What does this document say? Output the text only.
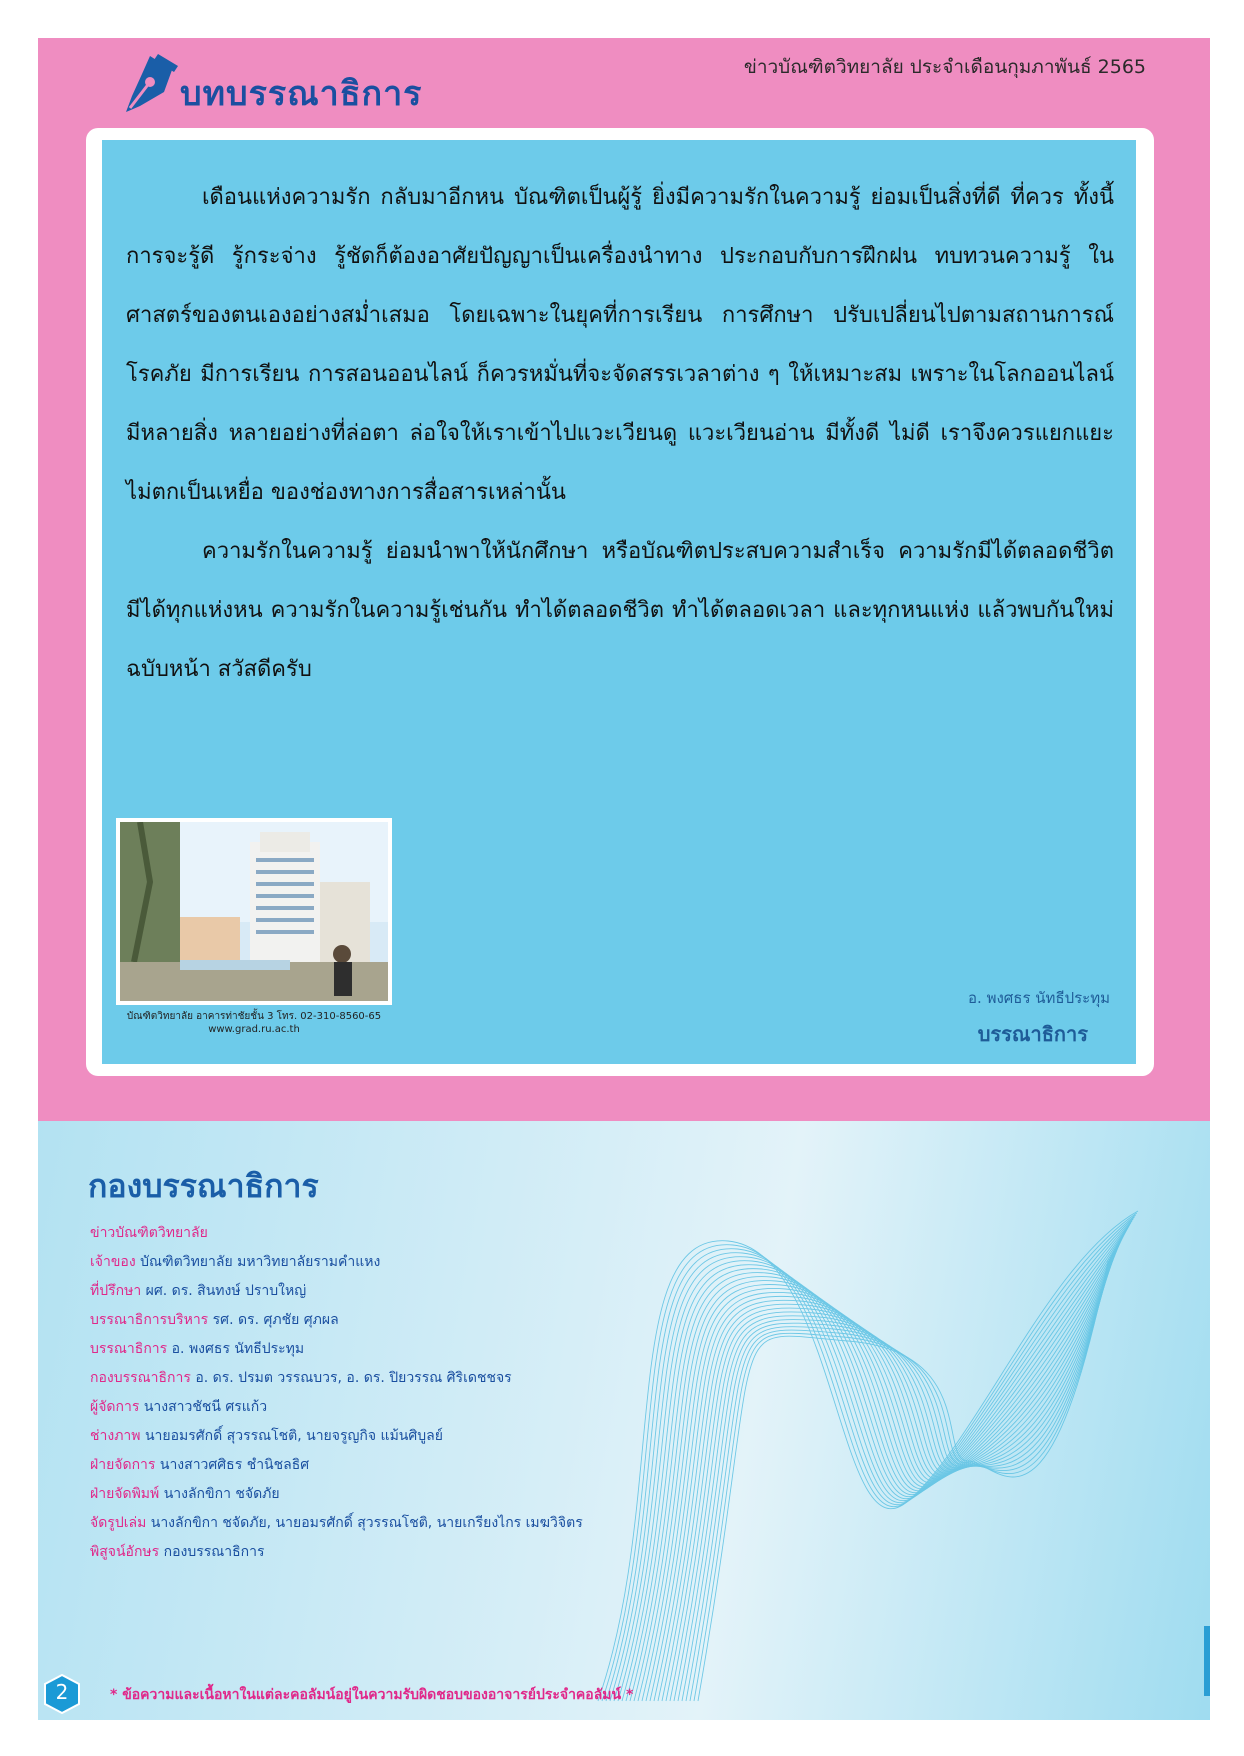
ข่าวบัณฑิตวิทยาลัย ประจำเดือนกุมภาพันธ์ 2565
บทบรรณาธิการ

เดือนแห่งความรัก กลับมาอีกหน บัณฑิตเป็นผู้รู้ ยิ่งมีความรักในความรู้ ย่อมเป็นสิ่งที่ดี ที่ควร ทั้งนี้การจะรู้ดี รู้กระจ่าง รู้ชัดก็ต้องอาศัยปัญญาเป็นเครื่องนำทาง ประกอบกับการฝึกฝน ทบทวนความรู้ ในศาสตร์ของตนเองอย่างสม่ำเสมอ โดยเฉพาะในยุคที่การเรียน การศึกษา ปรับเปลี่ยนไปตามสถานการณ์โรคภัย มีการเรียน การสอนออนไลน์ ก็ควรหมั่นที่จะจัดสรรเวลาต่าง ๆ ให้เหมาะสม เพราะในโลกออนไลน์มีหลายสิ่ง หลายอย่างที่ล่อตา ล่อใจให้เราเข้าไปแวะเวียนดู แวะเวียนอ่าน มีทั้งดี ไม่ดี เราจึงควรแยกแยะ ไม่ตกเป็นเหยื่อ ของช่องทางการสื่อสารเหล่านั้น

ความรักในความรู้ ย่อมนำพาให้นักศึกษา หรือบัณฑิตประสบความสำเร็จ ความรักมีได้ตลอดชีวิต มีได้ทุกแห่งหน ความรักในความรู้เช่นกัน ทำได้ตลอดชีวิต ทำได้ตลอดเวลา และทุกหนแห่ง แล้วพบกันใหม่ ฉบับหน้า สวัสดีครับ

บัณฑิตวิทยาลัย อาคารท่าชัยชั้น 3 โทร. 02-310-8560-65
www.grad.ru.ac.th
อ. พงศธร นัทธีประทุม
บรรณาธิการ
กองบรรณาธิการ
ข่าวบัณฑิตวิทยาลัย
เจ้าของ บัณฑิตวิทยาลัย มหาวิทยาลัยรามคำแหง
ที่ปรึกษา ผศ. ดร. สินทงษ์ ปราบใหญ่
บรรณาธิการบริหาร รศ. ดร. ศุภชัย ศุภผล
บรรณาธิการ อ. พงศธร นัทธีประทุม
กองบรรณาธิการ อ. ดร. ปรมต วรรณบวร, อ. ดร. ปิยวรรณ ศิริเดชชจร
ผู้จัดการ นางสาวชัชนี ศรแก้ว
ช่างภาพ นายอมรศักดิ์ สุวรรณโชติ, นายจรูญกิจ แม้นศิบูลย์
ฝ่ายจัดการ นางสาวศศิธร ชำนิชลธิศ
ฝ่ายจัดพิมพ์ นางลักขิกา ชจัดภัย
จัดรูปเล่ม นางลักขิกา ชจัดภัย, นายอมรศักดิ์ สุวรรณโชติ, นายเกรียงไกร เมฆวิจิตร
พิสูจน์อักษร กองบรรณาธิการ
2	* ข้อความและเนื้อหาในแต่ละคอลัมน์อยู่ในความรับผิดชอบของอาจารย์ประจำคอลัมน์ *
